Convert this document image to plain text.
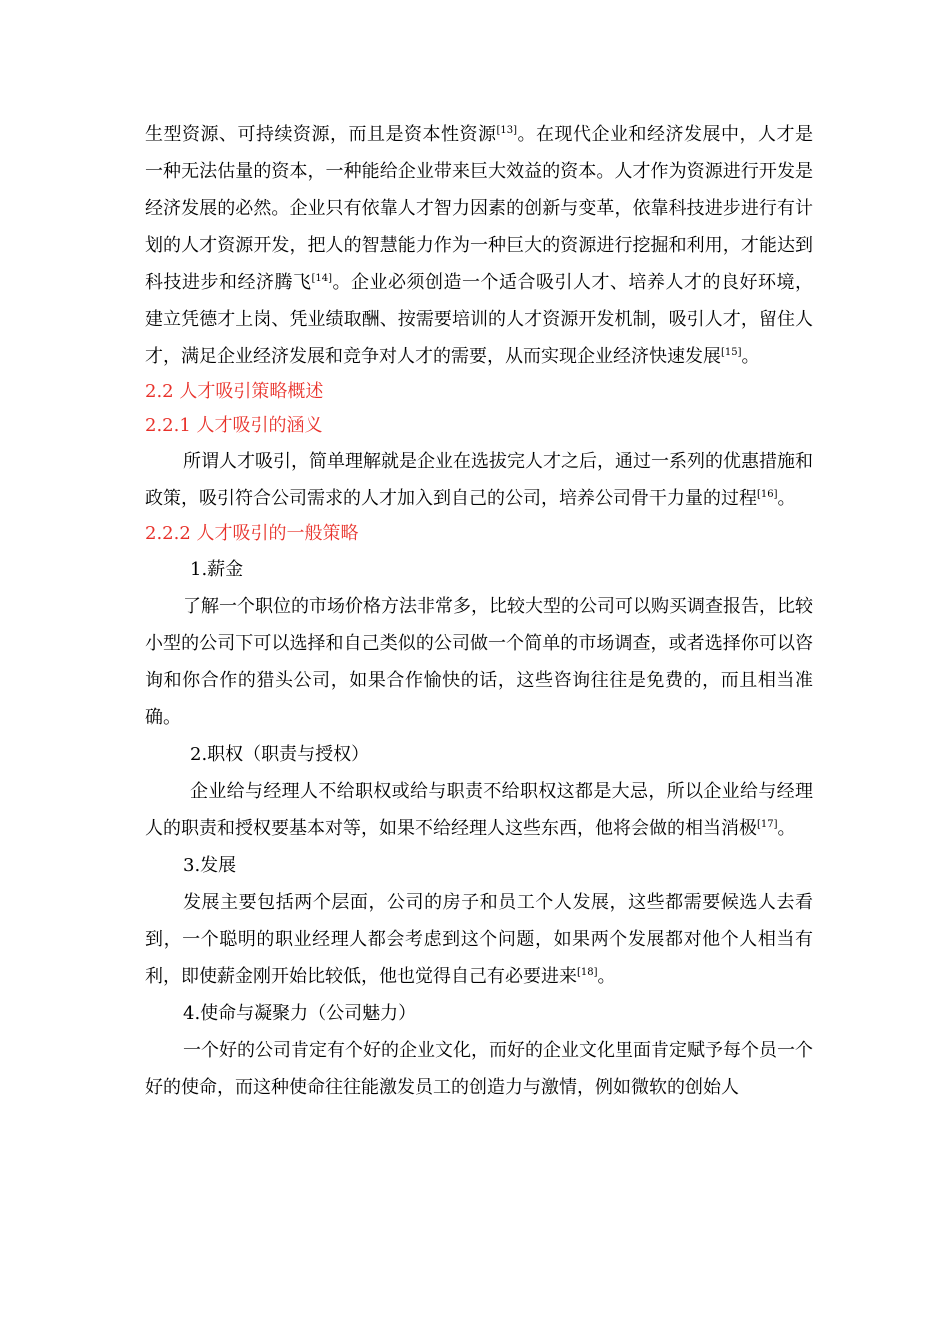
生型资源、可持续资源，而且是资本性资源[13]。在现代企业和经济发展中，人才是一种无法估量的资本，一种能给企业带来巨大效益的资本。人才作为资源进行开发是经济发展的必然。企业只有依靠人才智力因素的创新与变革，依靠科技进步进行有计划的人才资源开发，把人的智慧能力作为一种巨大的资源进行挖掘和利用，才能达到科技进步和经济腾飞[14]。企业必须创造一个适合吸引人才、培养人才的良好环境，建立凭德才上岗、凭业绩取酬、按需要培训的人才资源开发机制，吸引人才，留住人才，满足企业经济发展和竞争对人才的需要，从而实现企业经济快速发展[15]。

2.2 人才吸引策略概述
2.2.1 人才吸引的涵义

所谓人才吸引，简单理解就是企业在选拔完人才之后，通过一系列的优惠措施和政策，吸引符合公司需求的人才加入到自己的公司，培养公司骨干力量的过程[16]。

2.2.2 人才吸引的一般策略

1.薪金

了解一个职位的市场价格方法非常多，比较大型的公司可以购买调查报告，比较小型的公司下可以选择和自己类似的公司做一个简单的市场调查，或者选择你可以咨询和你合作的猎头公司，如果合作愉快的话，这些咨询往往是免费的，而且相当准确。

2.职权（职责与授权）

企业给与经理人不给职权或给与职责不给职权这都是大忌，所以企业给与经理人的职责和授权要基本对等，如果不给经理人这些东西，他将会做的相当消极[17]。

3.发展

发展主要包括两个层面，公司的房子和员工个人发展，这些都需要候选人去看到，一个聪明的职业经理人都会考虑到这个问题，如果两个发展都对他个人相当有利，即使薪金刚开始比较低，他也觉得自己有必要进来[18]。

4.使命与凝聚力（公司魅力）

一个好的公司肯定有个好的企业文化，而好的企业文化里面肯定赋予每个员一个好的使命，而这种使命往往能激发员工的创造力与激情，例如微软的创始人
